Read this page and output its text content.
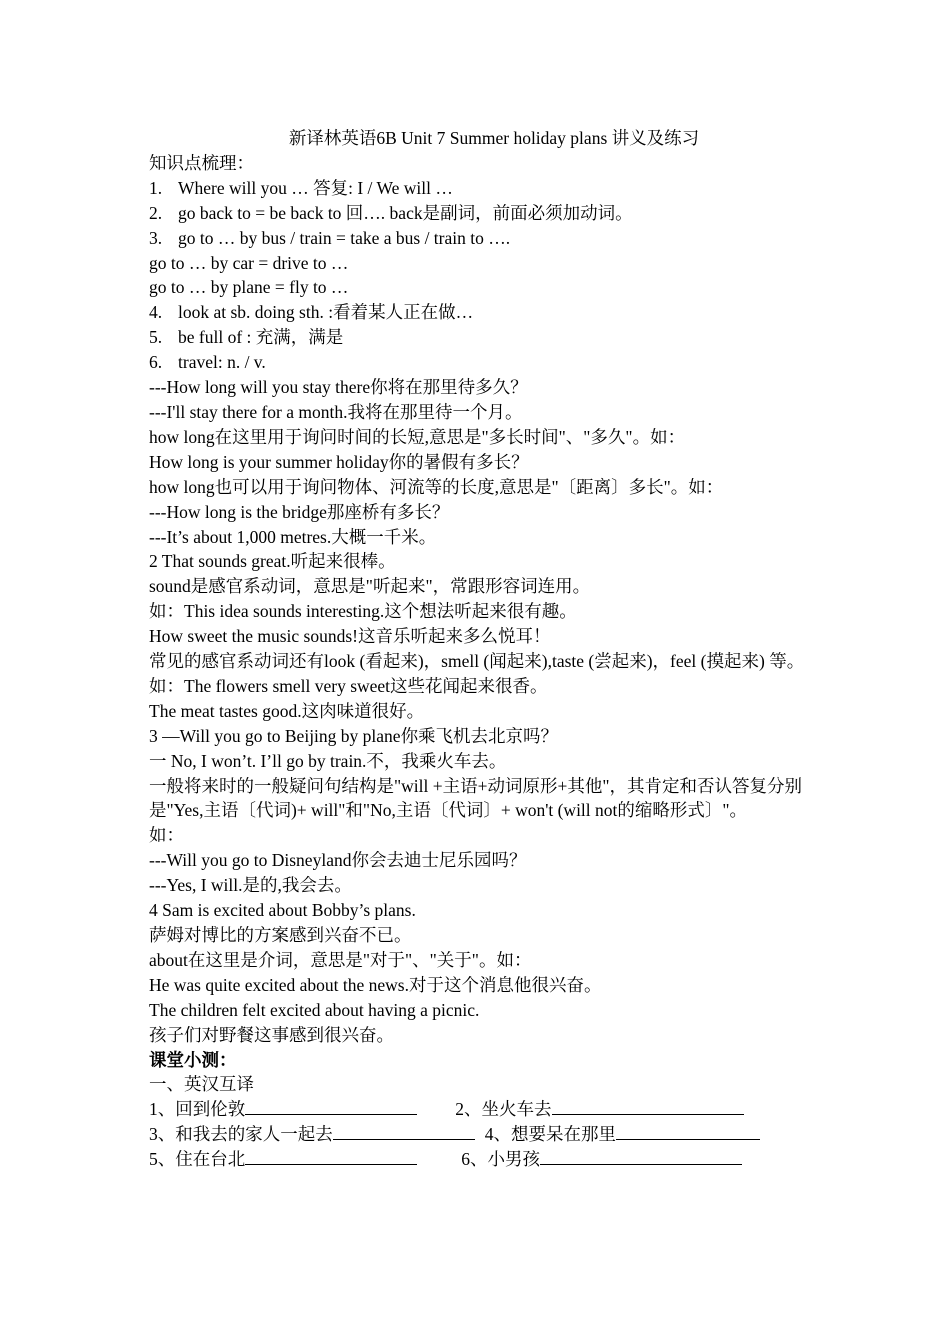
新译林英语6B Unit 7 Summer holiday plans 讲义及练习
知识点梳理：
1. Where will you … 答复: I / We will …
2. go back to = be back to 回…. back是副词，前面必须加动词。
3. go to … by bus / train = take a bus / train to ….
go to … by car = drive to …
go to … by plane = fly to …
4. look at sb. doing sth. :看着某人正在做…
5. be full of : 充满，满是
6. travel: n. / v.
---How long will you stay there你将在那里待多久？
---I'll stay there for a month.我将在那里待一个月。
how long在这里用于询问时间的长短,意思是"多长时间"、"多久"。如：
How long is your summer holiday你的暑假有多长？
how long也可以用于询问物体、河流等的长度,意思是"〔距离〕多长"。如：
---How long is the bridge那座桥有多长？
---It’s about 1,000 metres.大概一千米。
2 That sounds great.听起来很棒。
sound是感官系动词，意思是"听起来"，常跟形容词连用。
如：This idea sounds interesting.这个想法听起来很有趣。
How sweet the music sounds!这音乐听起来多么悦耳！
常见的感官系动词还有look (看起来)，smell (闻起来),taste (尝起来)，feel (摸起来) 等。
如：The flowers smell very sweet这些花闻起来很香。
The meat tastes good.这肉味道很好。
3 —Will you go to Beijing by plane你乘飞机去北京吗？
一 No, I won’t. I’ll go by train.不，我乘火车去。
一般将来时的一般疑问句结构是"will +主语+动词原形+其他"，其肯定和否认答复分别是"Yes,主语〔代词)+ will"和"No,主语〔代词〕+ won't (will not的缩略形式〕"。
如：
---Will you go to Disneyland你会去迪士尼乐园吗？
---Yes, I will.是的,我会去。
4 Sam is excited about Bobby’s plans.
萨姆对博比的方案感到兴奋不已。
about在这里是介词，意思是"对于"、"关于"。如：
He was quite excited about the news.对于这个消息他很兴奋。
The children felt excited about having a picnic.
孩子们对野餐这事感到很兴奋。
课堂小测：
一、英汉互译
1、回到伦敦	2、坐火车去
3、和我去的家人一起去	4、想要呆在那里
5、住在台北	6、小男孩
